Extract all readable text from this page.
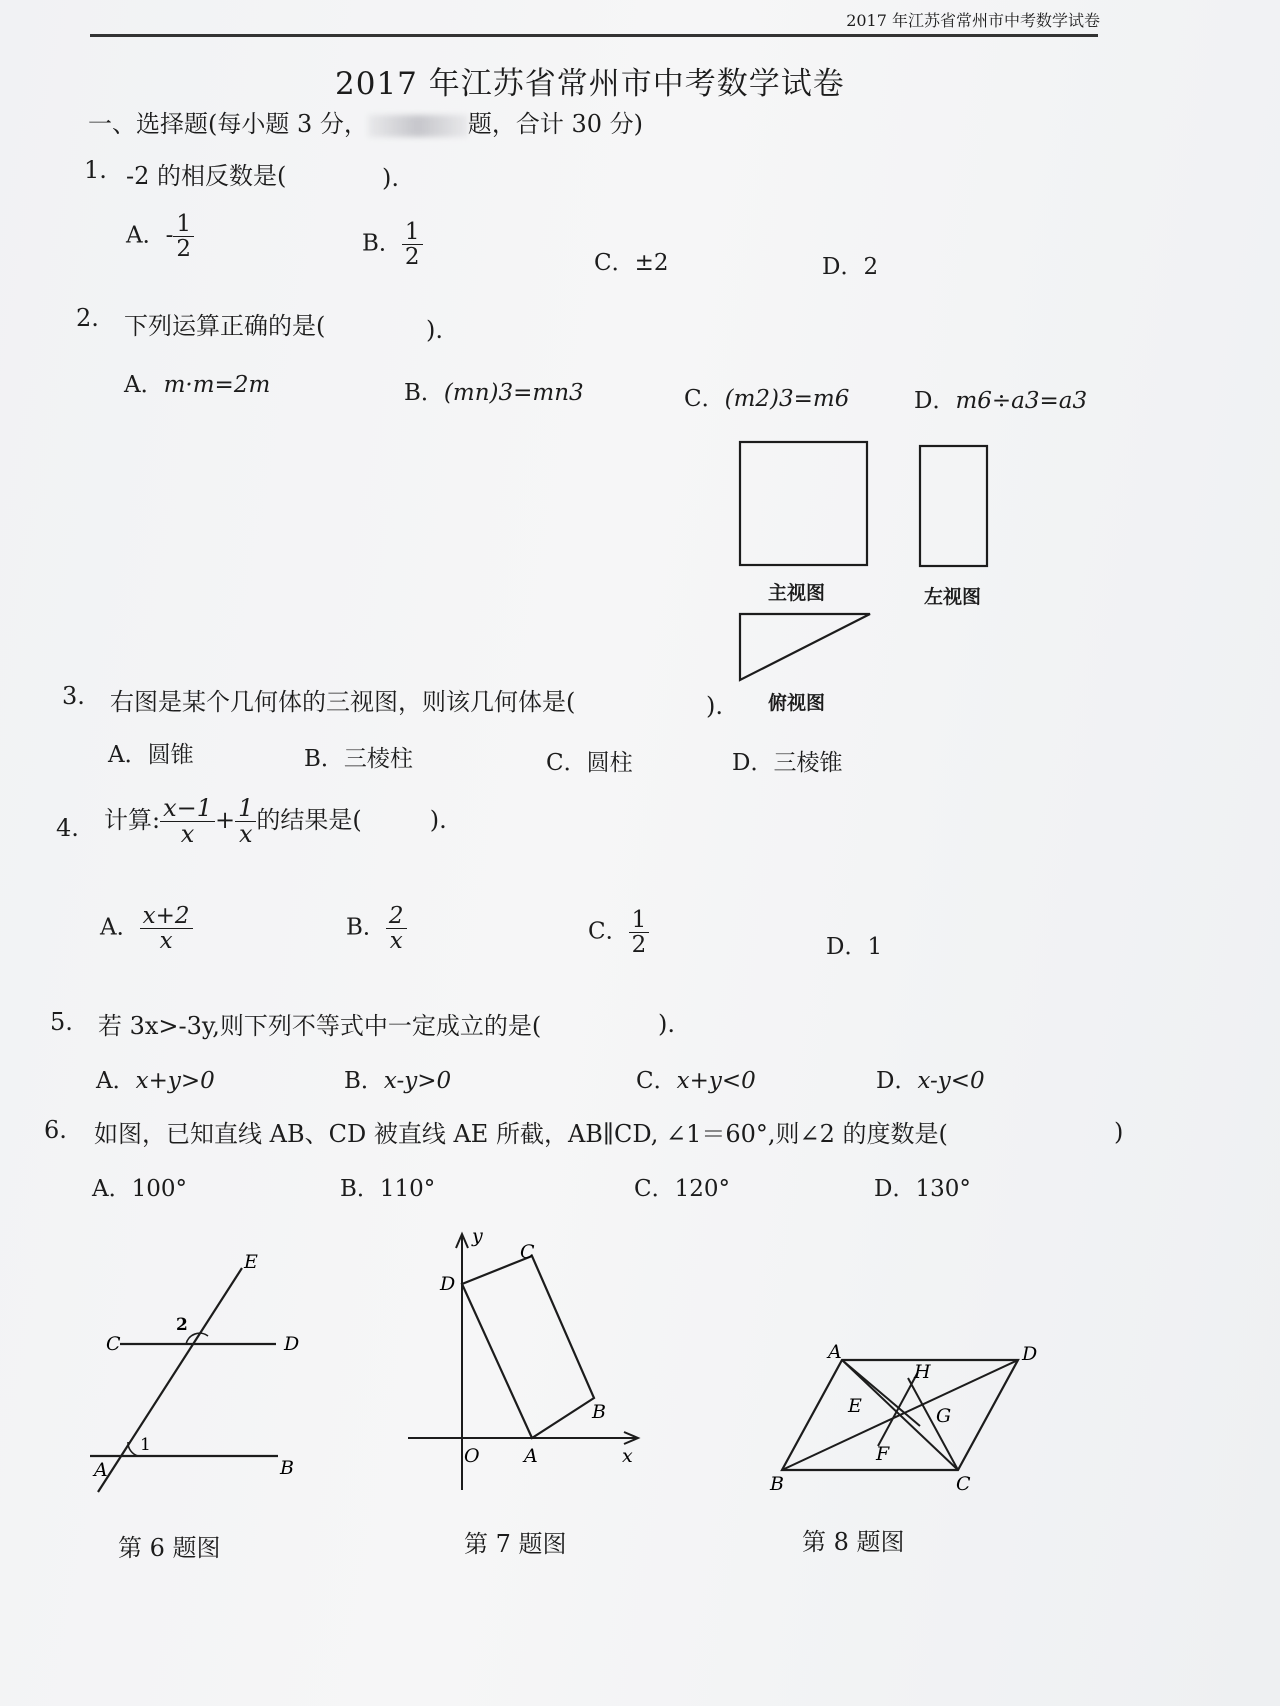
2017 年江苏省常州市中考数学试卷
2017 年江苏省常州市中考数学试卷
一、选择题(每小题 3 分，	题，合计 30 分)
1. -2 的相反数是(	).
A．- $\frac{1}{2}$	B． $\frac{1}{2}$	C．±2	D．2
2. 下列运算正确的是(	).
A．m·m=2m	B．(mn)3=mn3	C．(m2)3=m6	D．m6÷a3=a3
主视图	左视图
俯视图
3. 右图是某个几何体的三视图，则该几何体是(	).
A．圆锥	B．三棱柱	C．圆柱	D．三棱锥
4. 计算: $\frac{x-1}{x} + \frac{1}{x}$ 的结果是(	).
A． $\frac{x+2}{x}$	B． $\frac{2}{x}$	C． $\frac{1}{2}$	D．1
5. 若 3x>-3y,则下列不等式中一定成立的是(	).
A．x+y>0	B．x-y>0	C．x+y<0	D．x-y<0
6. 如图，已知直线 AB、CD 被直线 AE 所截，AB∥CD, ∠1＝60°,则∠2 的度数是(	)
A．100°	B．110°	C．120°	D．130°
E
C	D
2
1
A	B
第 6 题图
y
C
D
B
O A	x
第 7 题图
A	D
H
E	G
F
B	C
第 8 题图
